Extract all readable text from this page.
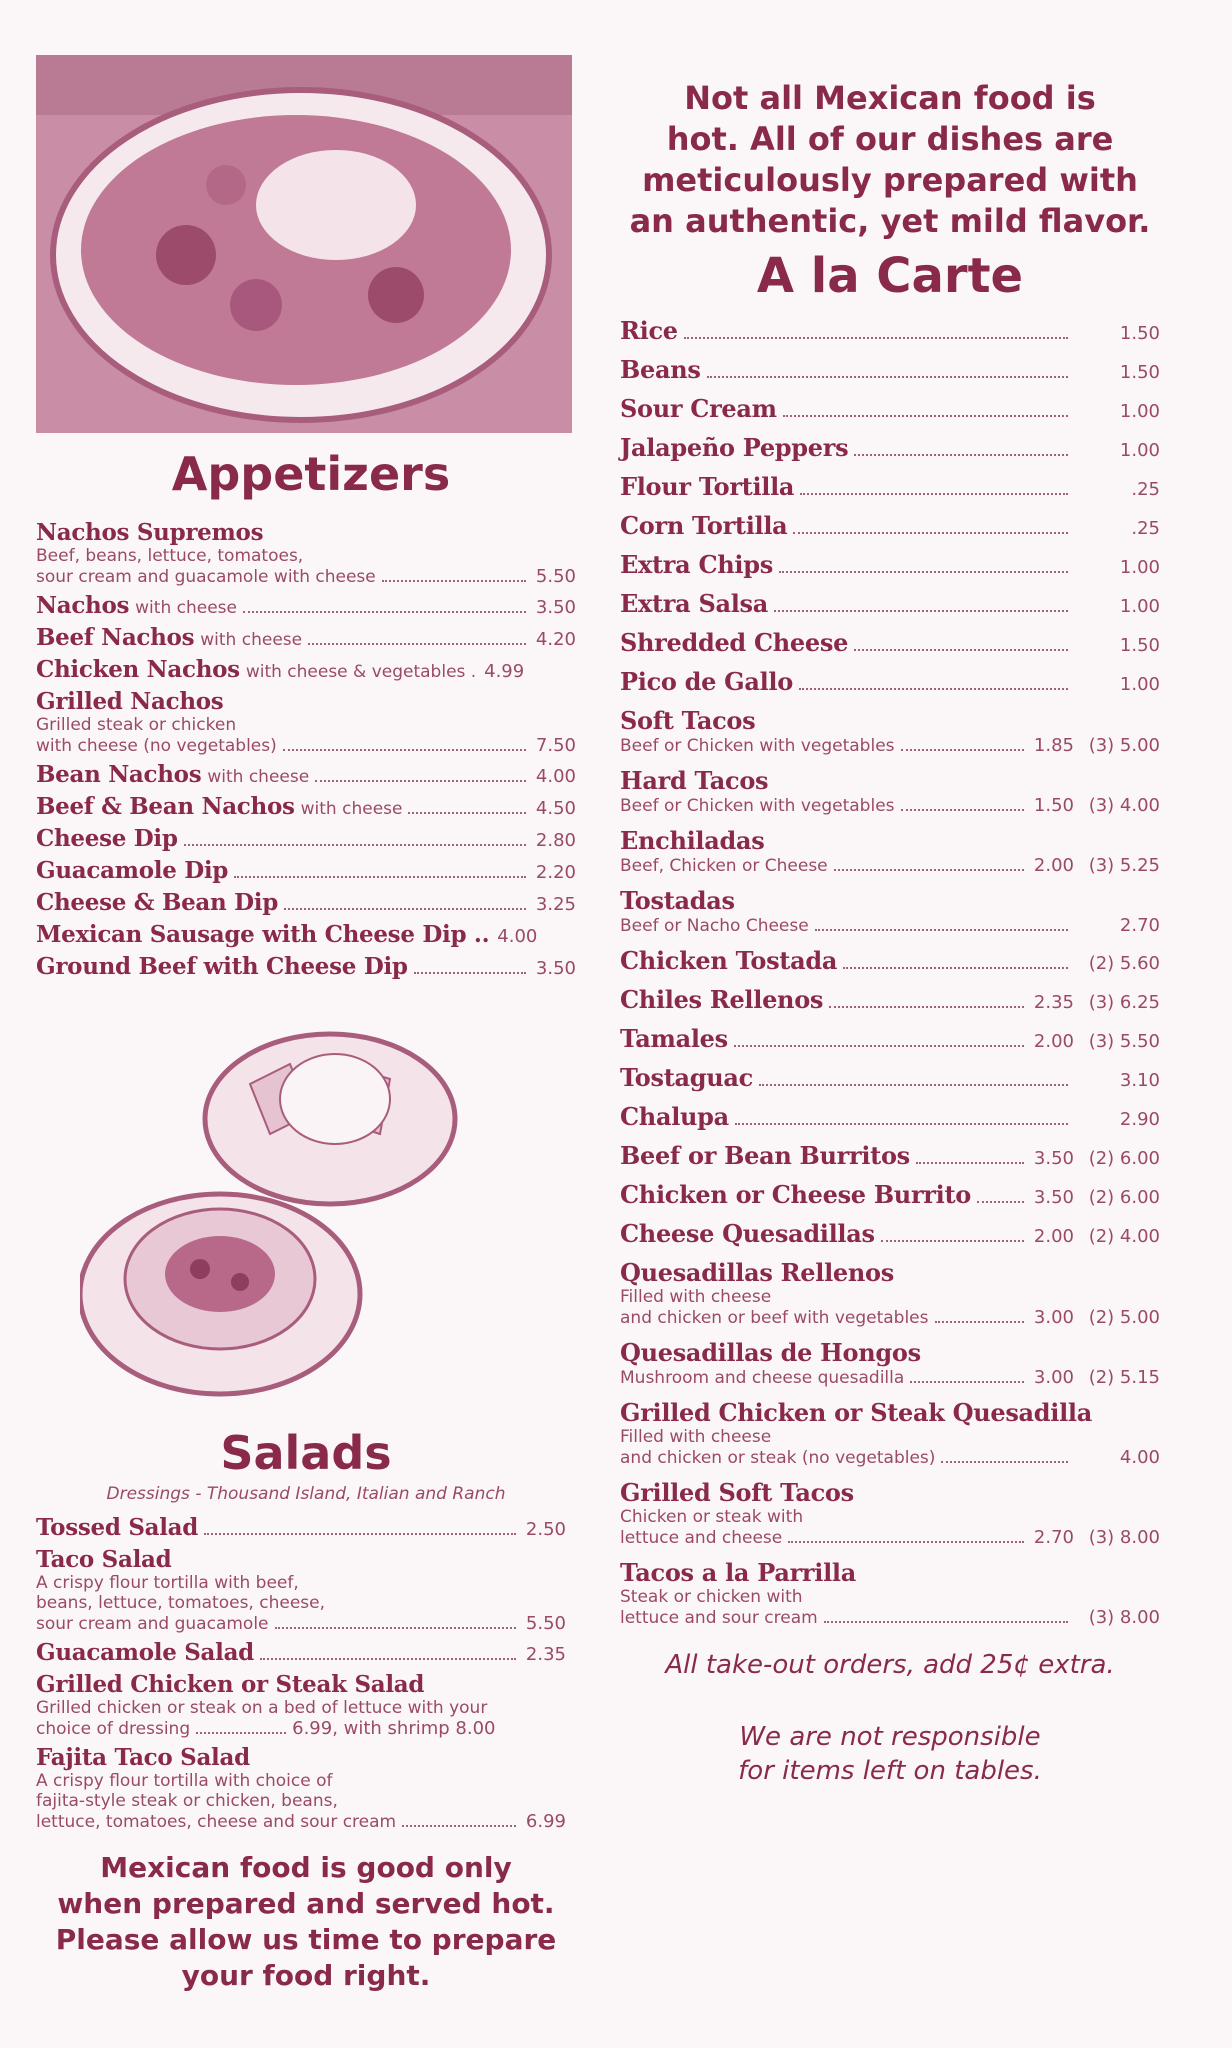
Appetizers
Nachos Supremos
Beef, beans, lettuce, tomatoes,
sour cream and guacamole with cheese	5.50
Nachos with cheese	3.50
Beef Nachos with cheese	4.20
Chicken Nachos with cheese & vegetables . 4.99
Grilled Nachos
Grilled steak or chicken
with cheese (no vegetables)	7.50
Bean Nachos with cheese	4.00
Beef & Bean Nachos with cheese	4.50
Cheese Dip	2.80
Guacamole Dip	2.20
Cheese & Bean Dip	3.25
Mexican Sausage with Cheese Dip .. 4.00
Ground Beef with Cheese Dip	3.50
Salads
Dressings - Thousand Island, Italian and Ranch
Tossed Salad	2.50
Taco Salad
A crispy flour tortilla with beef,
beans, lettuce, tomatoes, cheese,
sour cream and guacamole	5.50
Guacamole Salad	2.35
Grilled Chicken or Steak Salad
Grilled chicken or steak on a bed of lettuce with your
choice of dressing	6.99, with shrimp 8.00
Fajita Taco Salad
A crispy flour tortilla with choice of
fajita-style steak or chicken, beans,
lettuce, tomatoes, cheese and sour cream	6.99
Mexican food is good only
when prepared and served hot.
Please allow us time to prepare
your food right.
Not all Mexican food is
hot. All of our dishes are
meticulously prepared with
an authentic, yet mild flavor.
A la Carte
Rice	1.50
Beans	1.50
Sour Cream	1.00
Jalapeño Peppers	1.00
Flour Tortilla	.25
Corn Tortilla	.25
Extra Chips	1.00
Extra Salsa	1.00
Shredded Cheese	1.50
Pico de Gallo	1.00
Soft Tacos
Beef or Chicken with vegetables	1.85 (3) 5.00
Hard Tacos
Beef or Chicken with vegetables	1.50 (3) 4.00
Enchiladas
Beef, Chicken or Cheese	2.00 (3) 5.25
Tostadas
Beef or Nacho Cheese	2.70
Chicken Tostada	(2) 5.60
Chiles Rellenos	2.35 (3) 6.25
Tamales	2.00 (3) 5.50
Tostaguac	3.10
Chalupa	2.90
Beef or Bean Burritos	3.50 (2) 6.00
Chicken or Cheese Burrito	3.50 (2) 6.00
Cheese Quesadillas	2.00 (2) 4.00
Quesadillas Rellenos
Filled with cheese
and chicken or beef with vegetables	3.00 (2) 5.00
Quesadillas de Hongos
Mushroom and cheese quesadilla	3.00 (2) 5.15
Grilled Chicken or Steak Quesadilla
Filled with cheese
and chicken or steak (no vegetables)	4.00
Grilled Soft Tacos
Chicken or steak with
lettuce and cheese	2.70 (3) 8.00
Tacos a la Parrilla
Steak or chicken with
lettuce and sour cream	(3) 8.00
All take-out orders, add 25¢ extra.
We are not responsible
for items left on tables.
